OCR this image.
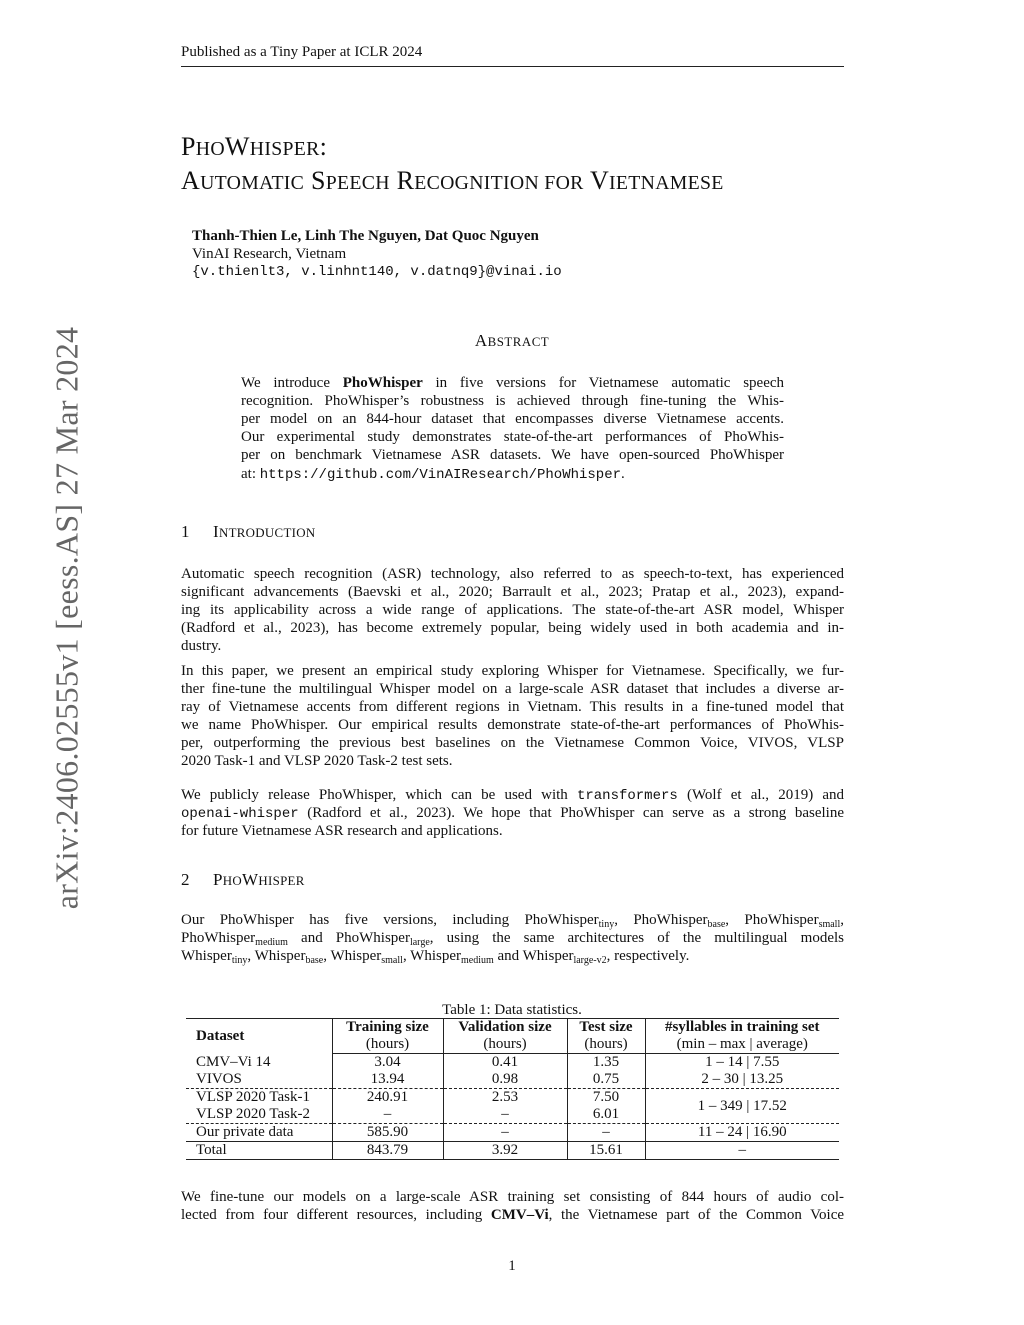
Published as a Tiny Paper at ICLR 2024
arXiv:2406.02555v1 [eess.AS] 27 Mar 2024
PHOWHISPER:
AUTOMATIC SPEECH RECOGNITION FOR VIETNAMESE
Thanh-Thien Le, Linh The Nguyen, Dat Quoc Nguyen
VinAI Research, Vietnam
{v.thienlt3, v.linhnt140, v.datnq9}@vinai.io
ABSTRACT
We introduce PhoWhisper in five versions for Vietnamese automatic speech
recognition. PhoWhisper’s robustness is achieved through fine-tuning the Whis-
per model on an 844-hour dataset that encompasses diverse Vietnamese accents.
Our experimental study demonstrates state-of-the-art performances of PhoWhis-
per on benchmark Vietnamese ASR datasets. We have open-sourced PhoWhisper
at: https://github.com/VinAIResearch/PhoWhisper.
1 INTRODUCTION
Automatic speech recognition (ASR) technology, also referred to as speech-to-text, has experienced
significant advancements (Baevski et al., 2020; Barrault et al., 2023; Pratap et al., 2023), expand-
ing its applicability across a wide range of applications. The state-of-the-art ASR model, Whisper
(Radford et al., 2023), has become extremely popular, being widely used in both academia and in-
dustry.
In this paper, we present an empirical study exploring Whisper for Vietnamese. Specifically, we fur-
ther fine-tune the multilingual Whisper model on a large-scale ASR dataset that includes a diverse ar-
ray of Vietnamese accents from different regions in Vietnam. This results in a fine-tuned model that
we name PhoWhisper. Our empirical results demonstrate state-of-the-art performances of PhoWhis-
per, outperforming the previous best baselines on the Vietnamese Common Voice, VIVOS, VLSP
2020 Task-1 and VLSP 2020 Task-2 test sets.
We publicly release PhoWhisper, which can be used with transformers (Wolf et al., 2019) and
openai-whisper (Radford et al., 2023). We hope that PhoWhisper can serve as a strong baseline
for future Vietnamese ASR research and applications.
2 PHOWHISPER
Our PhoWhisper has five versions, including PhoWhisper$_{tiny}$, PhoWhisper$_{base}$, PhoWhisper$_{small}$,
PhoWhisper$_{medium}$ and PhoWhisper$_{large}$, using the same architectures of the multilingual models
Whisper$_{tiny}$, Whisper$_{base}$, Whisper$_{small}$, Whisper$_{medium}$ and Whisper$_{large-v2}$, respectively.
Table 1: Data statistics.
Dataset	Training size	Validation size	Test size	#syllables in training set
	(hours)	(hours)	(hours)	(min – max | average)
CMV–Vi 14	3.04	0.41	1.35	1 – 14 | 7.55
VIVOS	13.94	0.98	0.75	2 – 30 | 13.25
VLSP 2020 Task-1	240.91	2.53	7.50	1 – 349 | 17.52
VLSP 2020 Task-2	–	–	6.01	
Our private data	585.90	–	–	11 – 24 | 16.90
Total	843.79	3.92	15.61	–
We fine-tune our models on a large-scale ASR training set consisting of 844 hours of audio col-
lected from four different resources, including CMV–Vi, the Vietnamese part of the Common Voice
1
